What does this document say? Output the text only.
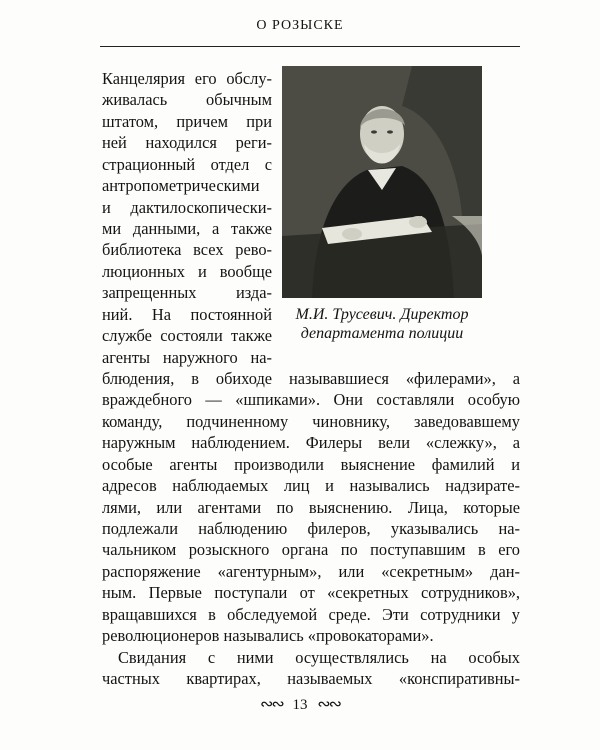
О РОЗЫСКЕ
М.И. Трусевич. Директор
департамента полиции
Канцелярия его обслу-
живалась обычным
штатом, причем при
ней находился реги-
страционный отдел с
антропометрическими
и дактилоскопически-
ми данными, а также
библиотека всех рево-
люционных и вообще
запрещенных изда-
ний. На постоянной
службе состояли также
агенты наружного на-
блюдения, в обиходе называвшиеся «филерами», а
враждебного — «шпиками». Они составляли особую
команду, подчиненному чиновнику, заведовавшему
наружным наблюдением. Филеры вели «слежку», а
особые агенты производили выяснение фамилий и
адресов наблюдаемых лиц и назывались надзирате-
лями, или агентами по выяснению. Лица, которые
подлежали наблюдению филеров, указывались на-
чальником розыскного органа по поступавшим в его
распоряжение «агентурным», или «секретным» дан-
ным. Первые поступали от «секретных сотрудников»,
вращавшихся в обследуемой среде. Эти сотрудники у
революционеров назывались «провокаторами».
Свидания с ними осуществлялись на особых
частных квартирах, называемых «конспиративны-
∾∾ 13 ∾∾
